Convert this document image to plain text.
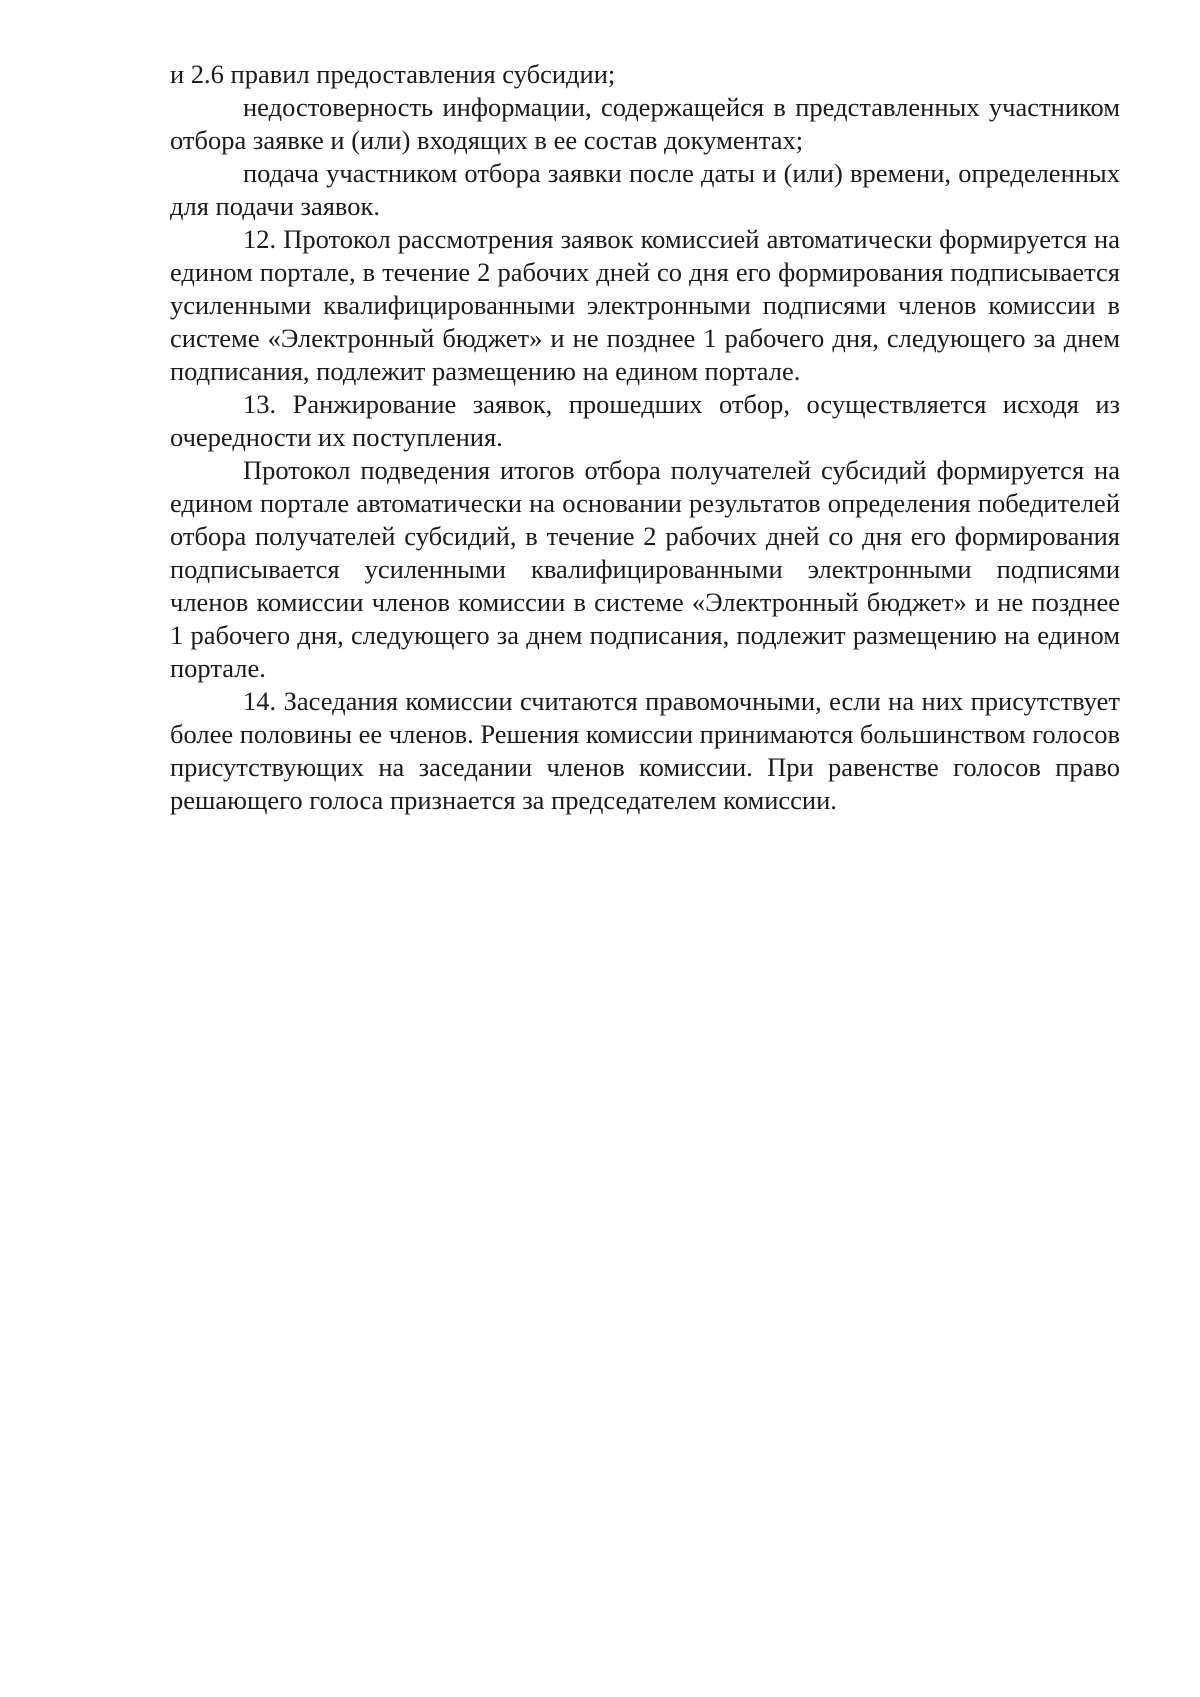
и 2.6 правил предоставления субсидии;

недостоверность информации, содержащейся в представленных участником отбора заявке и (или) входящих в ее состав документах;

подача участником отбора заявки после даты и (или) времени, определенных для подачи заявок.

12. Протокол рассмотрения заявок комиссией автоматически формируется на едином портале, в течение 2 рабочих дней со дня его формирования подписывается усиленными квалифицированными электронными подписями членов комиссии в системе «Электронный бюджет» и не позднее 1 рабочего дня, следующего за днем подписания, подлежит размещению на едином портале.

13. Ранжирование заявок, прошедших отбор, осуществляется исходя из очередности их поступления.

Протокол подведения итогов отбора получателей субсидий формируется на едином портале автоматически на основании результатов определения победителей отбора получателей субсидий, в течение 2 рабочих дней со дня его формирования подписывается усиленными квалифицированными электронными подписями членов комиссии членов комиссии в системе «Электронный бюджет» и не позднее 1 рабочего дня, следующего за днем подписания, подлежит размещению на едином портале.

14. Заседания комиссии считаются правомочными, если на них присутствует более половины ее членов. Решения комиссии принимаются большинством голосов присутствующих на заседании членов комиссии. При равенстве голосов право решающего голоса признается за председателем комиссии.
